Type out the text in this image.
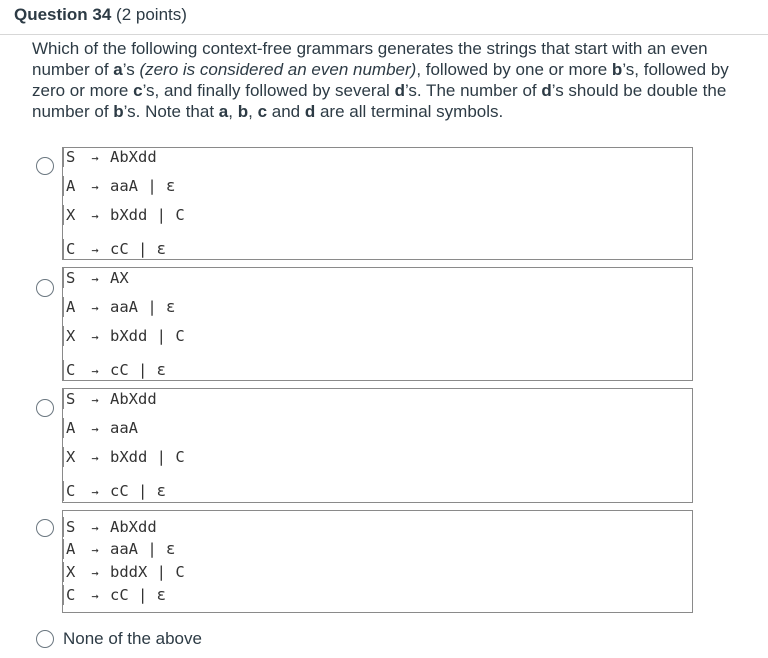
Question 34 (2 points)
Which of the following context-free grammars generates the strings that start with an even number of a’s (zero is considered an even number), followed by one or more b’s, followed by zero or more c’s, and finally followed by several d’s. The number of d’s should be double the number of b’s. Note that a, b, c and d are all terminal symbols.
S → AbXdd
A → aaA | ε
X → bXdd | C
C → cC | ε
S → AX
A → aaA | ε
X → bXdd | C
C → cC | ε
S → AbXdd
A → aaA
X → bXdd | C
C → cC | ε
S → AbXdd
A → aaA | ε
X → bddX | C
C → cC | ε
None of the above
